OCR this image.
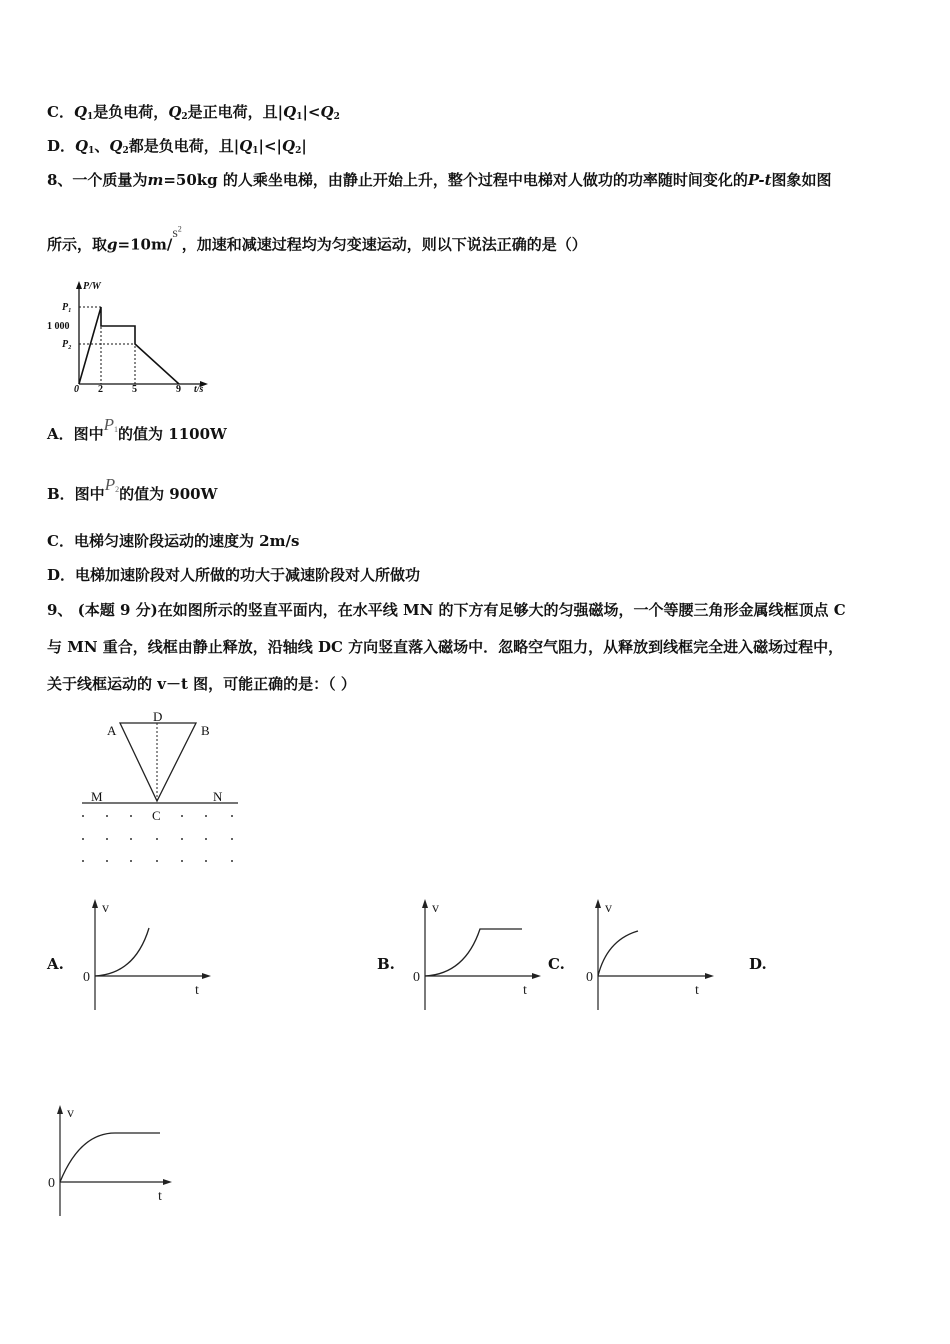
C．$Q_1$是负电荷，$Q_2$是正电荷，且$|Q_1|<Q_2$
D．$Q_1$、$Q_2$都是负电荷，且$|Q_1|<|Q_2|$
8、一个质量为m=50kg 的人乘坐电梯，由静止开始上升，整个过程中电梯对人做功的功率随时间变化的P-t图象如图
所示，取$g=10m/s^2$，加速和减速过程均为匀变速运动，则以下说法正确的是（）
P/W
P₁
1 000
P₂
0 2	5	9 t/s
A．图中$P_1$的值为 1100W
B．图中$P_2$的值为 900W
C．电梯匀速阶段运动的速度为 2m/s
D．电梯加速阶段对人所做的功大于减速阶段对人所做功
9、 (本题 9 分)在如图所示的竖直平面内，在水平线 MN 的下方有足够大的匀强磁场，一个等腰三角形金属线框顶点 C
与 MN 重合，线框由静止释放，沿轴线 DC 方向竖直落入磁场中．忽略空气阻力，从释放到线框完全进入磁场过程中，
关于线框运动的 v－t 图，可能正确的是：（ ）
A
D
B
M	N
C
A.	B.	C.	D.
v
0
t
v
0
t
v
0
t
v
0
t
